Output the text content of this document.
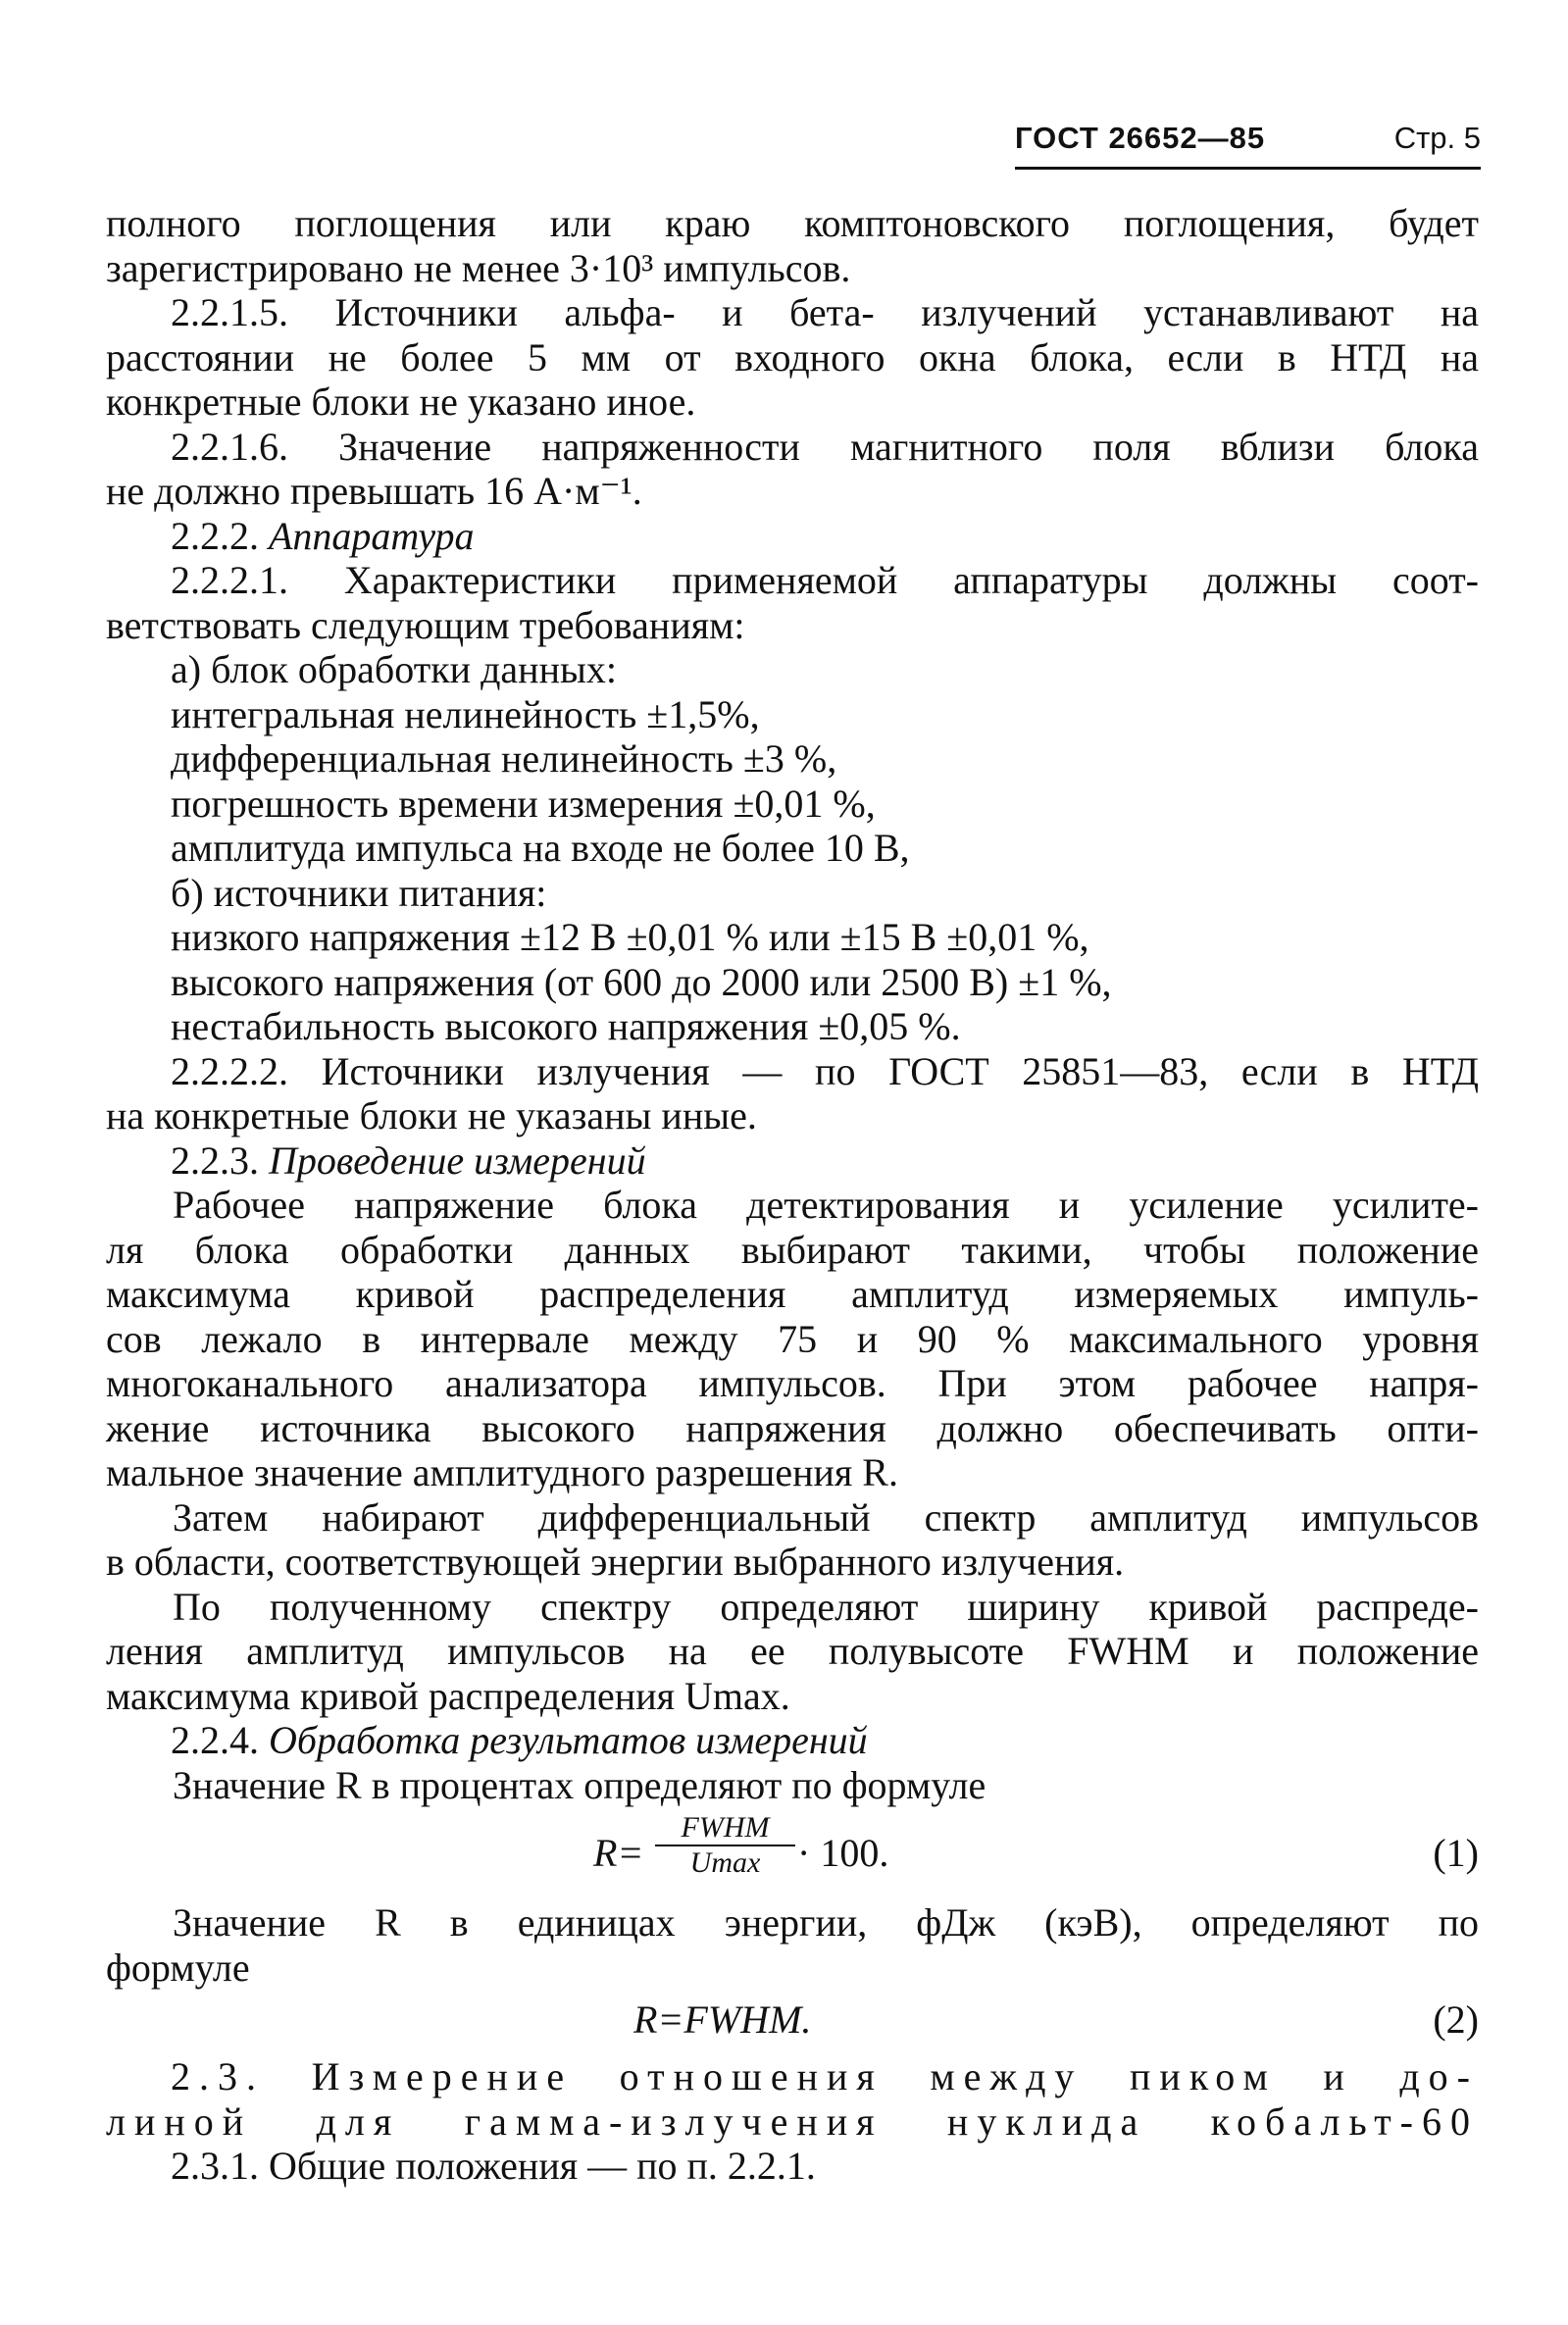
ГОСТ 26652—85	Стр. 5
полного поглощения или краю комптоновского поглощения, будет
зарегистрировано не менее 3·10³ импульсов.
2.2.1.5. Источники альфа- и бета- излучений устанавливают на
расстоянии не более 5 мм от входного окна блока, если в НТД на
конкретные блоки не указано иное.
2.2.1.6. Значение напряженности магнитного поля вблизи блока
не должно превышать 16 А·м⁻¹.
2.2.2. Аппаратура
2.2.2.1. Характеристики применяемой аппаратуры должны соот-
ветствовать следующим требованиям:
а) блок обработки данных:
интегральная нелинейность ±1,5%,
дифференциальная нелинейность ±3 %,
погрешность времени измерения ±0,01 %,
амплитуда импульса на входе не более 10 В,
б) источники питания:
низкого напряжения ±12 В ±0,01 % или ±15 В ±0,01 %,
высокого напряжения (от 600 до 2000 или 2500 В) ±1 %,
нестабильность высокого напряжения ±0,05 %.
2.2.2.2. Источники излучения — по ГОСТ 25851—83, если в НТД
на конкретные блоки не указаны иные.
2.2.3. Проведение измерений
Рабочее напряжение блока детектирования и усиление усилите-
ля блока обработки данных выбирают такими, чтобы положение
максимума кривой распределения амплитуд измеряемых импуль-
сов лежало в интервале между 75 и 90 % максимального уровня
многоканального анализатора импульсов. При этом рабочее напря-
жение источника высокого напряжения должно обеспечивать опти-
мальное значение амплитудного разрешения R.
Затем набирают дифференциальный спектр амплитуд импульсов
в области, соответствующей энергии выбранного излучения.
По полученному спектру определяют ширину кривой распреде-
ления амплитуд импульсов на ее полувысоте FWHM и положение
максимума кривой распределения Umax.
2.2.4. Обработка результатов измерений
Значение R в процентах определяют по формуле
R=
FWHM
Umax · 100.	(1)
Значение R в единицах энергии, фДж (кэВ), определяют по
формуле
R=FWHM.	(2)
2.3. Измерение отношения между пиком и до-
линой для гамма-излучения нуклида кобальт-60
2.3.1. Общие положения — по п. 2.2.1.
